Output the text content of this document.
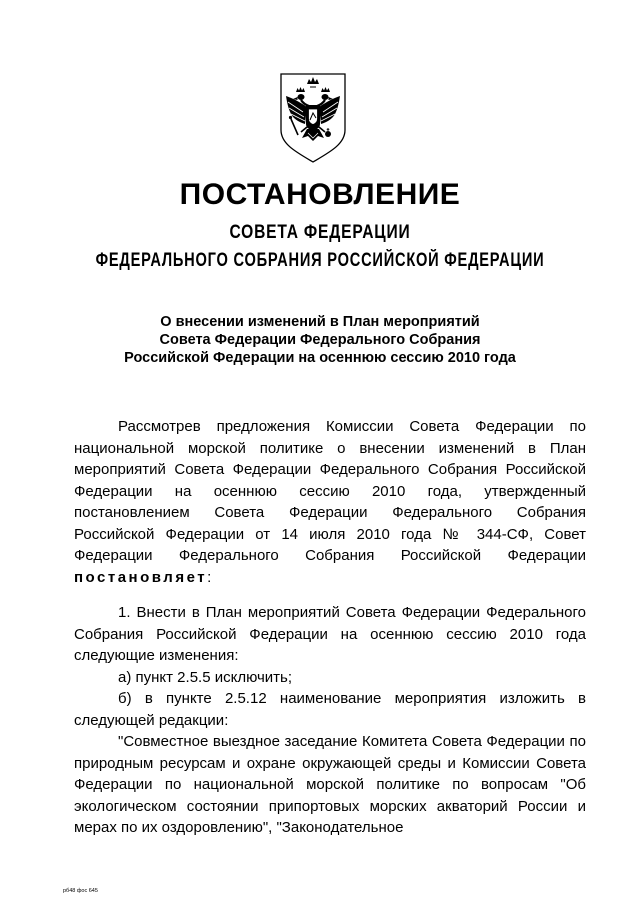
ПОСТАНОВЛЕНИЕ
СОВЕТА ФЕДЕРАЦИИ
ФЕДЕРАЛЬНОГО СОБРАНИЯ РОССИЙСКОЙ ФЕДЕРАЦИИ
О внесении изменений в План мероприятий
Совета Федерации Федерального Собрания
Российской Федерации на осеннюю сессию 2010 года
Рассмотрев предложения Комиссии Совета Федерации по национальной морской политике о внесении изменений в План мероприятий Совета Федерации Федерального Собрания Российской Федерации на осеннюю сессию 2010 года, утвержденный постановлением Совета Федерации Федерального Собрания Российской Федерации от 14 июля 2010 года № 344-СФ, Совет Федерации Федерального Собрания Российской Федерации постановляет:
1. Внести в План мероприятий Совета Федерации Федерального Собрания Российской Федерации на осеннюю сессию 2010 года следующие изменения:
а) пункт 2.5.5 исключить;
б) в пункте 2.5.12 наименование мероприятия изложить в следующей редакции:
"Совместное выездное заседание Комитета Совета Федерации по природным ресурсам и охране окружающей среды и Комиссии Совета Федерации по национальной морской политике по вопросам "Об экологическом состоянии припортовых морских акваторий России и мерах по их оздоровлению", "Законодательное
рб48 фос 645
